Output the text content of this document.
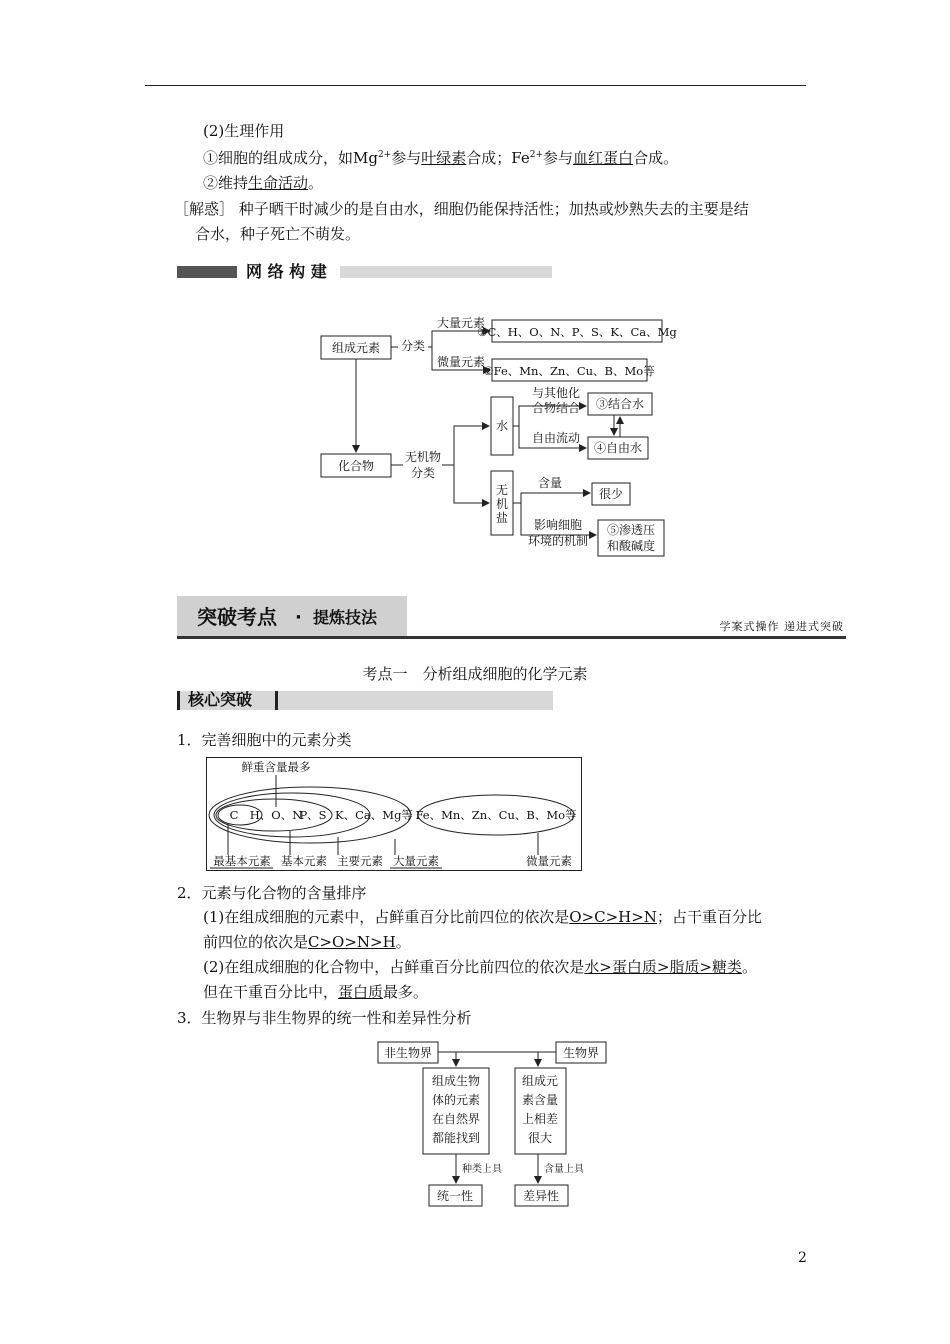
(2)生理作用
①细胞的组成成分，如$Mg^{2+}$参与叶绿素合成；$Fe^{2+}$参与血红蛋白合成。
②维持生命活动。
［解惑］ 种子晒干时减少的是自由水，细胞仍能保持活性；加热或炒熟失去的主要是结
合水，种子死亡不萌发。
网 络 构 建
组成元素
化合物
分类
大量元素
微量元素
①C、H、O、N、P、S、K、Ca、Mg
②Fe、Mn、Zn、Cu、B、Mo等
无机物
分类
水
无
机
盐
与其他化
合物结合
自由流动
③结合水
④自由水
含量
很少
影响细胞
环境的机制
⑤渗透压
和酸碱度
突破考点 · 提炼技法	学案式操作 递进式突破
考点一　分析组成细胞的化学元素
核心突破
1．完善细胞中的元素分类
鲜重含量最多
C H、O、N
P、S K、Ca、Mg等 Fe、Mn、Zn、Cu、B、Mo等
最基本元素 基本元素 主要元素 大量元素	微量元素
2．元素与化合物的含量排序
(1)在组成细胞的元素中，占鲜重百分比前四位的依次是O>C>H>N；占干重百分比
前四位的依次是C>O>N>H。
(2)在组成细胞的化合物中，占鲜重百分比前四位的依次是水>蛋白质>脂质>糖类。
但在干重百分比中，蛋白质最多。
3．生物界与非生物界的统一性和差异性分析
非生物界	生物界
组成生物
体的元素
在自然界
都能找到
组成元
素含量
上相差
很大
种类上具	含量上具
统一性	差异性
2
